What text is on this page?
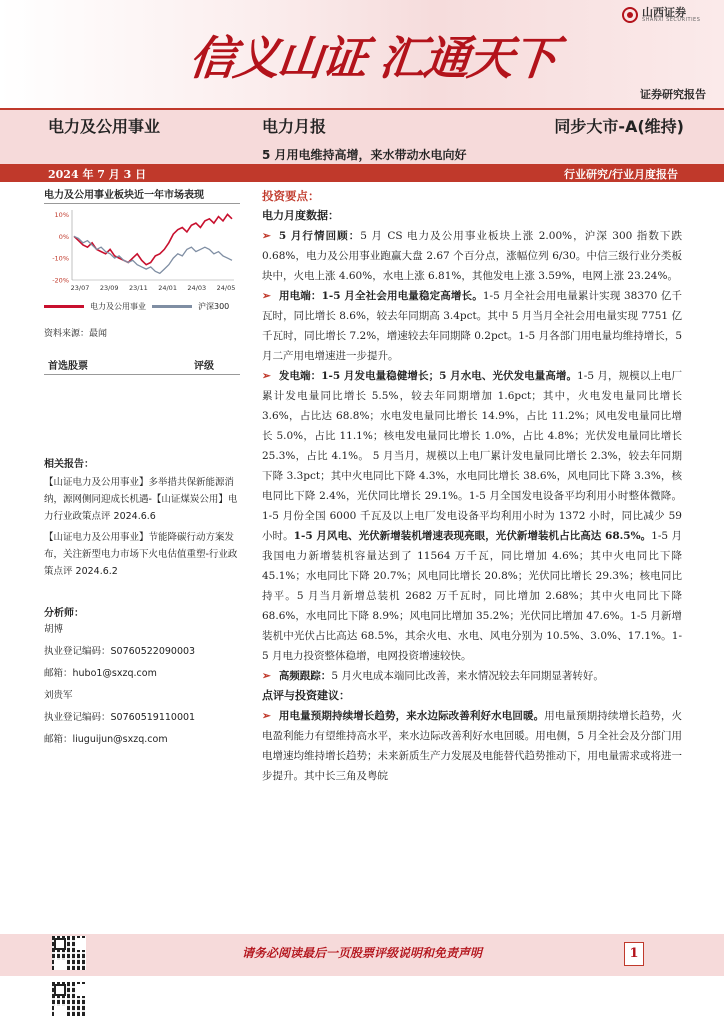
信义山证 汇通天下
山西证券
SHANXI SECURITIES
证券研究报告
电力及公用事业	电力月报	同步大市-A(维持)
5 月用电维持高增，来水带动水电向好
2024 年 7 月 3 日	行业研究/行业月度报告
电力及公用事业板块近一年市场表现
10%
0%
-10%
-20%
23/07 23/09 23/11 24/01 24/03 24/05
电力及公用事业	沪深300
资料来源：最闻
首选股票	评级
相关报告：

【山证电力及公用事业】多举措共保新能源消纳，源网侧同迎成长机遇-【山证煤炭公用】电力行业政策点评 2024.6.6

【山证电力及公用事业】节能降碳行动方案发布，关注新型电力市场下火电估值重塑-行业政策点评 2024.6.2

分析师：

胡博

执业登记编码：S0760522090003

邮箱：hubo1@sxzq.com

刘贵军

执业登记编码：S0760519110001

邮箱：liuguijun@sxzq.com

投资要点：
电力月度数据：

➢ 5 月行情回顾：5 月 CS 电力及公用事业板块上涨 2.00%，沪深 300 指数下跌 0.68%，电力及公用事业跑赢大盘 2.67 个百分点，涨幅位列 6/30。中信三级行业分类板块中，火电上涨 4.60%，水电上涨 6.81%，其他发电上涨 3.59%，电网上涨 23.24%。

➢ 用电端：1-5 月全社会用电量稳定高增长。1-5 月全社会用电量累计实现 38370 亿千瓦时，同比增长 8.6%，较去年同期高 3.4pct。其中 5 月当月全社会用电量实现 7751 亿千瓦时，同比增长 7.2%，增速较去年同期降 0.2pct。1-5 月各部门用电量均维持增长，5 月二产用电增速进一步提升。

➢ 发电端：1-5 月发电量稳健增长；5 月水电、光伏发电量高增。1-5 月，规模以上电厂累计发电量同比增长 5.5%，较去年同期增加 1.6pct；其中，火电发电量同比增长 3.6%，占比达 68.8%；水电发电量同比增长 14.9%，占比 11.2%；风电发电量同比增长 5.0%，占比 11.1%；核电发电量同比增长 1.0%，占比 4.8%；光伏发电量同比增长 25.3%，占比 4.1%。 5 月当月，规模以上电厂累计发电量同比增长 2.3%，较去年同期下降 3.3pct；其中火电同比下降 4.3%，水电同比增长 38.6%，风电同比下降 3.3%，核电同比下降 2.4%，光伏同比增长 29.1%。1-5 月全国发电设备平均利用小时整体微降。1-5 月份全国 6000 千瓦及以上电厂发电设备平均利用小时为 1372 小时，同比减少 59 小时。1-5 月风电、光伏新增装机增速表现亮眼，光伏新增装机占比高达 68.5%。1-5 月我国电力新增装机容量达到了 11564 万千瓦，同比增加 4.6%；其中火电同比下降 45.1%；水电同比下降 20.7%；风电同比增长 20.8%；光伏同比增长 29.3%；核电同比持平。5 月当月新增总装机 2682 万千瓦时，同比增加 2.68%；其中火电同比下降 68.6%，水电同比下降 8.9%；风电同比增加 35.2%；光伏同比增加 47.6%。1-5 月新增装机中光伏占比高达 68.5%，其余火电、水电、风电分别为 10.5%、3.0%、17.1%。1-5 月电力投资整体稳增，电网投资增速较快。

➢ 高频跟踪：5 月火电成本端同比改善，来水情况较去年同期显著转好。

点评与投资建议：

➢ 用电量预期持续增长趋势，来水边际改善利好水电回暖。用电量预期持续增长趋势，火电盈利能力有望维持高水平，来水边际改善利好水电回暖。用电侧，5 月全社会及分部门用电增速均维持增长趋势；未来新质生产力发展及电能替代趋势推动下，用电量需求或将进一步提升。其中长三角及粤皖

请务必阅读最后一页股票评级说明和免责声明	1
